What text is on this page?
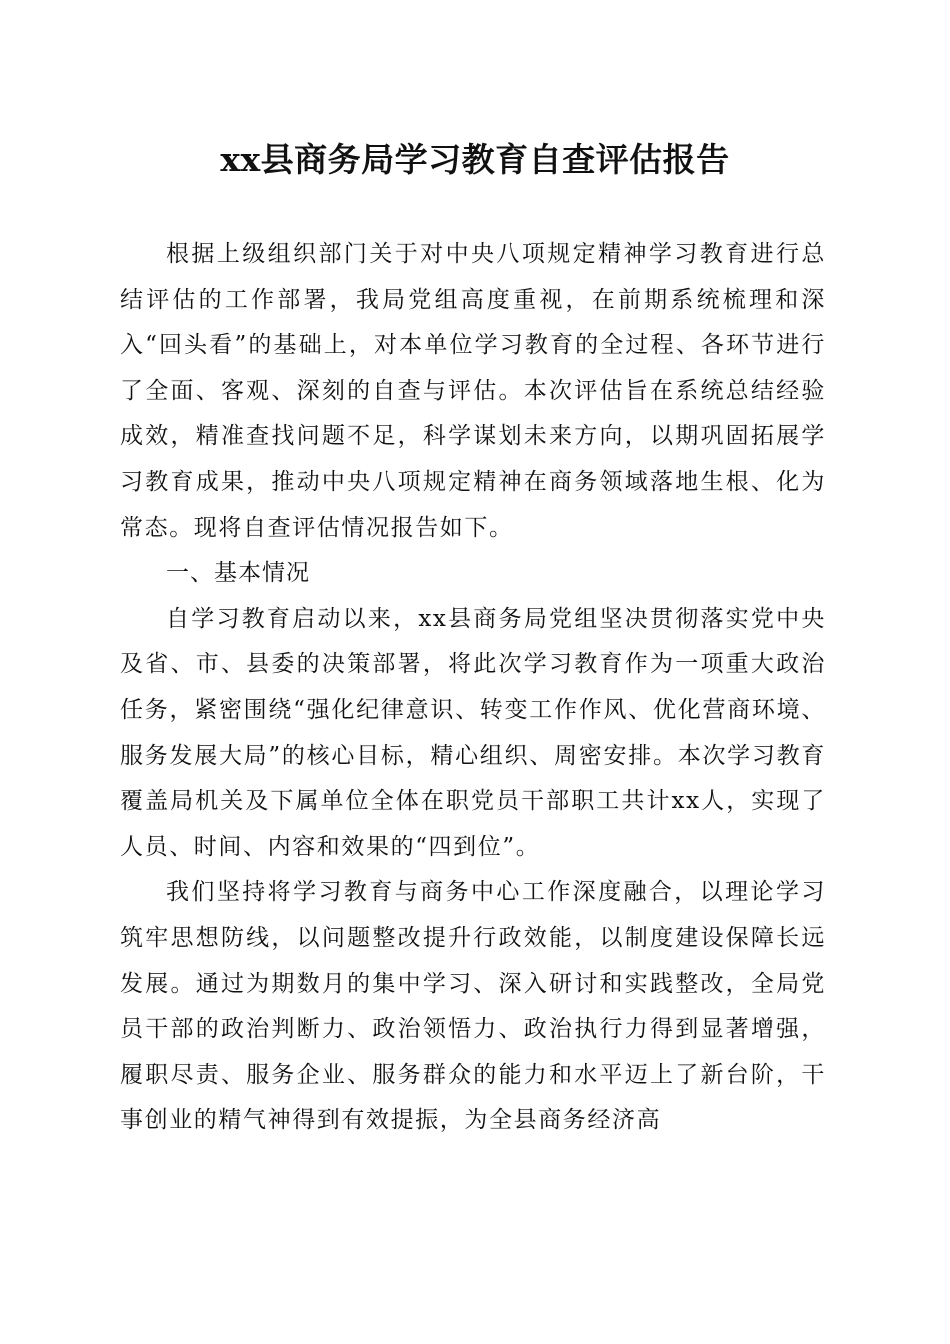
xx县商务局学习教育自查评估报告

根据上级组织部门关于对中央八项规定精神学习教育进行总结评估的工作部署，我局党组高度重视，在前期系统梳理和深入“回头看”的基础上，对本单位学习教育的全过程、各环节进行了全面、客观、深刻的自查与评估。本次评估旨在系统总结经验成效，精准查找问题不足，科学谋划未来方向，以期巩固拓展学习教育成果，推动中央八项规定精神在商务领域落地生根、化为常态。现将自查评估情况报告如下。

一、基本情况

自学习教育启动以来，xx县商务局党组坚决贯彻落实党中央及省、市、县委的决策部署，将此次学习教育作为一项重大政治任务，紧密围绕“强化纪律意识、转变工作作风、优化营商环境、服务发展大局”的核心目标，精心组织、周密安排。本次学习教育覆盖局机关及下属单位全体在职党员干部职工共计xx人，实现了人员、时间、内容和效果的“四到位”。

我们坚持将学习教育与商务中心工作深度融合，以理论学习筑牢思想防线，以问题整改提升行政效能，以制度建设保障长远发展。通过为期数月的集中学习、深入研讨和实践整改，全局党员干部的政治判断力、政治领悟力、政治执行力得到显著增强，履职尽责、服务企业、服务群众的能力和水平迈上了新台阶，干事创业的精气神得到有效提振，为全县商务经济高
